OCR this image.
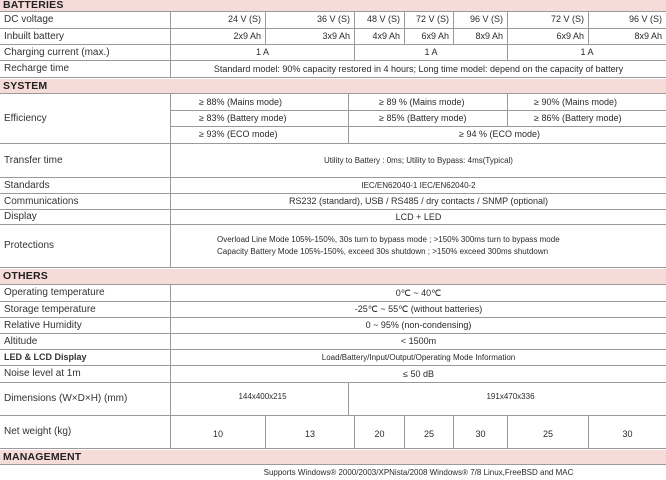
BATTERIES
DC voltage	24 V (S)	36 V (S)	48 V (S)	72 V (S)	96 V (S)	72 V (S)	96 V (S)
Inbuilt battery	2x9 Ah	3x9 Ah	4x9 Ah	6x9 Ah	8x9 Ah	6x9 Ah	8x9 Ah
Charging current (max.)	1 A	1 A	1 A
Recharge time	Standard model: 90% capacity restored in 4 hours; Long time model: depend on the capacity of battery
SYSTEM
Efficiency
≥ 88% (Mains mode)	≥ 89 % (Mains mode)	≥ 90% (Mains mode)
≥ 83% (Battery mode)	≥ 85% (Battery mode)	≥ 86% (Battery mode)
≥ 93% (ECO mode)	≥ 94 % (ECO mode)
Transfer time	Utility to Battery : 0ms; Utility to Bypass: 4ms(Typical)
Standards	IEC/EN62040-1 IEC/EN62040-2
Communications	RS232 (standard), USB / RS485 / dry contacts / SNMP (optional)
Display	LCD + LED
Protections
Overload Line Mode 105%-150%, 30s turn to bypass mode ; >150% 300ms turn to bypass mode
Capacity Battery Mode 105%-150%, exceed 30s shutdown ; >150% exceed 300ms shutdown
OTHERS
Operating temperature	0℃ ~ 40℃
Storage temperature	-25℃ ~ 55℃ (without batteries)
Relative Humidity	0 ~ 95% (non-condensing)
Altitude	< 1500m
LED & LCD Display	Load/Battery/Input/Output/Operating Mode Information
Noise level at 1m	≤ 50 dB
Dimensions (W×D×H) (mm)	144x400x215	191x470x336
Net weight (kg)	10	13	20	25	30	25	30
MANAGEMENT
Supports Windows® 2000/2003/XPNista/2008 Windows® 7/8 Linux,FreeBSD and MAC
